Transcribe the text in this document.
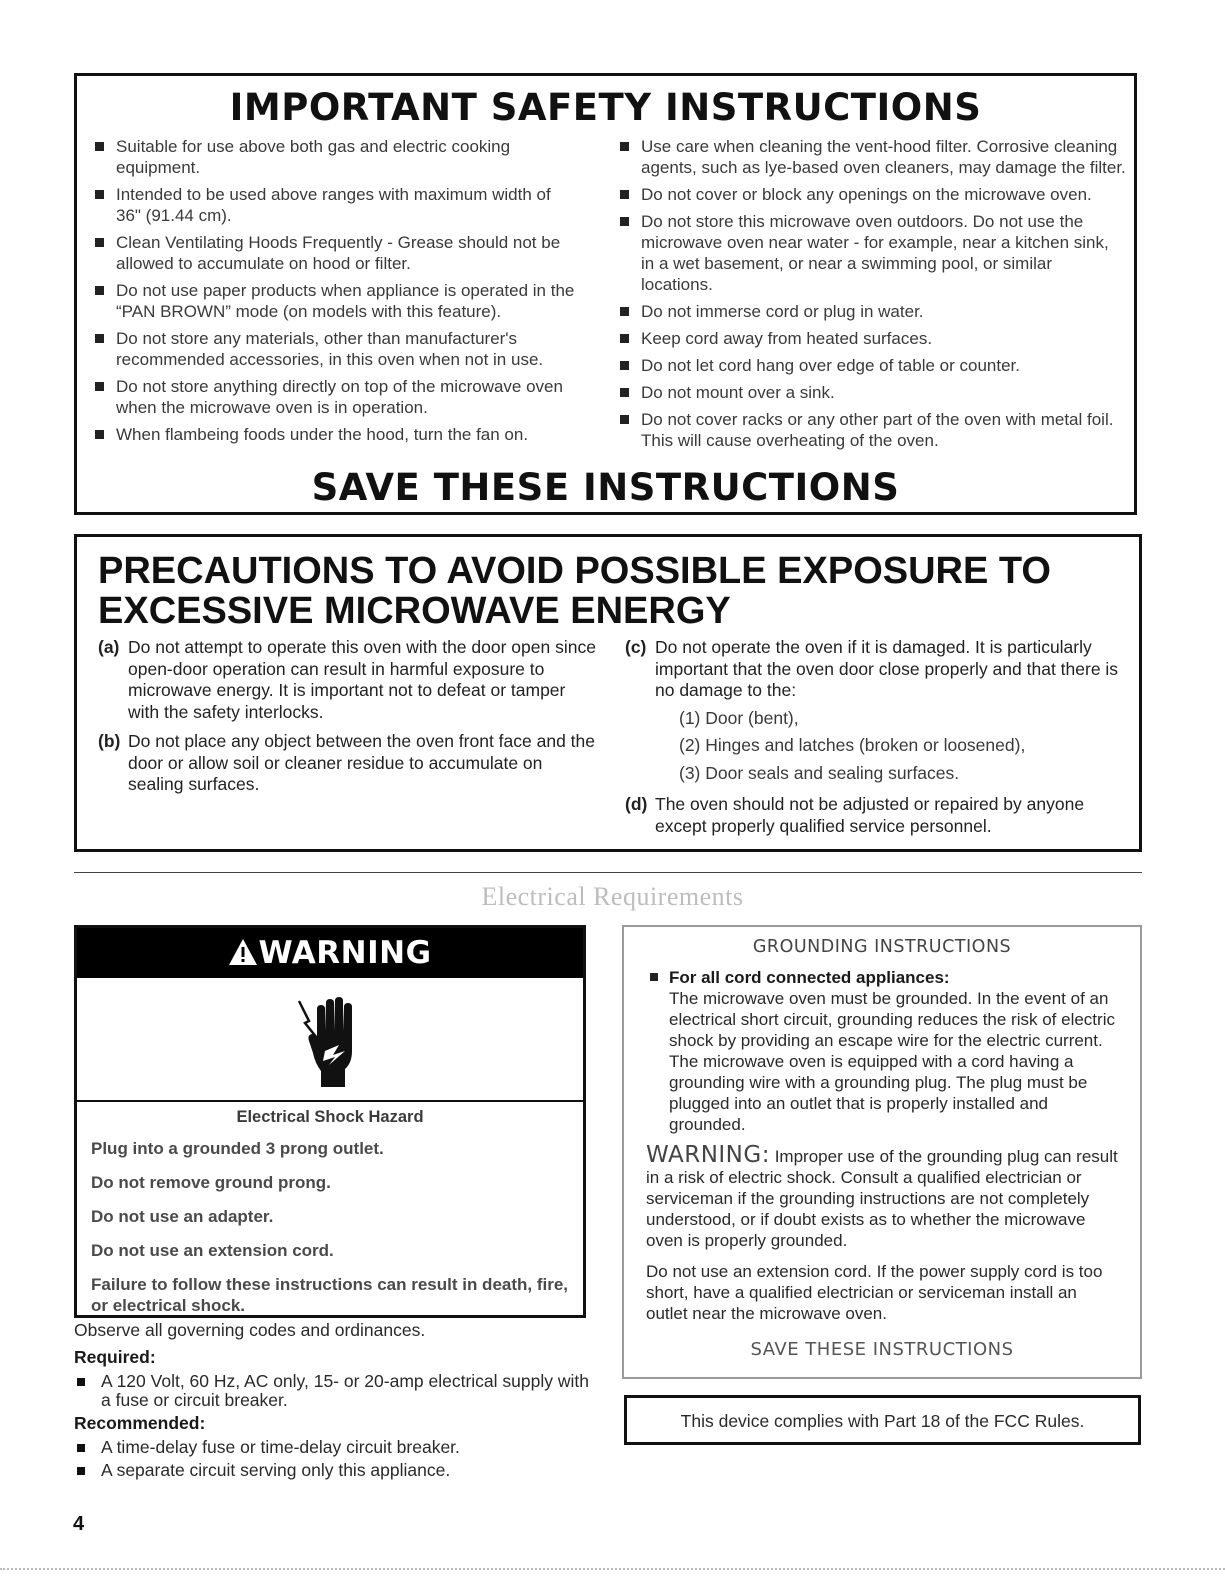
IMPORTANT SAFETY INSTRUCTIONS
Suitable for use above both gas and electric cooking equipment.
Intended to be used above ranges with maximum width of 36" (91.44 cm).
Clean Ventilating Hoods Frequently - Grease should not be allowed to accumulate on hood or filter.
Do not use paper products when appliance is operated in the “PAN BROWN” mode (on models with this feature).
Do not store any materials, other than manufacturer's recommended accessories, in this oven when not in use.
Do not store anything directly on top of the microwave oven when the microwave oven is in operation.
When flambeing foods under the hood, turn the fan on.
Use care when cleaning the vent-hood filter. Corrosive cleaning agents, such as lye-based oven cleaners, may damage the filter.
Do not cover or block any openings on the microwave oven.
Do not store this microwave oven outdoors. Do not use the microwave oven near water - for example, near a kitchen sink, in a wet basement, or near a swimming pool, or similar locations.
Do not immerse cord or plug in water.
Keep cord away from heated surfaces.
Do not let cord hang over edge of table or counter.
Do not mount over a sink.
Do not cover racks or any other part of the oven with metal foil. This will cause overheating of the oven.
SAVE THESE INSTRUCTIONS
PRECAUTIONS TO AVOID POSSIBLE EXPOSURE TO EXCESSIVE MICROWAVE ENERGY
(a) Do not attempt to operate this oven with the door open since open-door operation can result in harmful exposure to microwave energy. It is important not to defeat or tamper with the safety interlocks.
(b) Do not place any object between the oven front face and the door or allow soil or cleaner residue to accumulate on sealing surfaces.
(c) Do not operate the oven if it is damaged. It is particularly important that the oven door close properly and that there is no damage to the:
(1) Door (bent),
(2) Hinges and latches (broken or loosened),
(3) Door seals and sealing surfaces.
(d) The oven should not be adjusted or repaired by anyone except properly qualified service personnel.
Electrical Requirements
WARNING
Electrical Shock Hazard
Plug into a grounded 3 prong outlet.
Do not remove ground prong.
Do not use an adapter.
Do not use an extension cord.
Failure to follow these instructions can result in death, fire, or electrical shock.
Observe all governing codes and ordinances.
Required:
A 120 Volt, 60 Hz, AC only, 15- or 20-amp electrical supply with a fuse or circuit breaker.
Recommended:
A time-delay fuse or time-delay circuit breaker.
A separate circuit serving only this appliance.
GROUNDING INSTRUCTIONS
For all cord connected appliances:
The microwave oven must be grounded. In the event of an electrical short circuit, grounding reduces the risk of electric shock by providing an escape wire for the electric current. The microwave oven is equipped with a cord having a grounding wire with a grounding plug. The plug must be plugged into an outlet that is properly installed and grounded.
WARNING: Improper use of the grounding plug can result in a risk of electric shock. Consult a qualified electrician or serviceman if the grounding instructions are not completely understood, or if doubt exists as to whether the microwave oven is properly grounded.
Do not use an extension cord. If the power supply cord is too short, have a qualified electrician or serviceman install an outlet near the microwave oven.
SAVE THESE INSTRUCTIONS
This device complies with Part 18 of the FCC Rules.
4
